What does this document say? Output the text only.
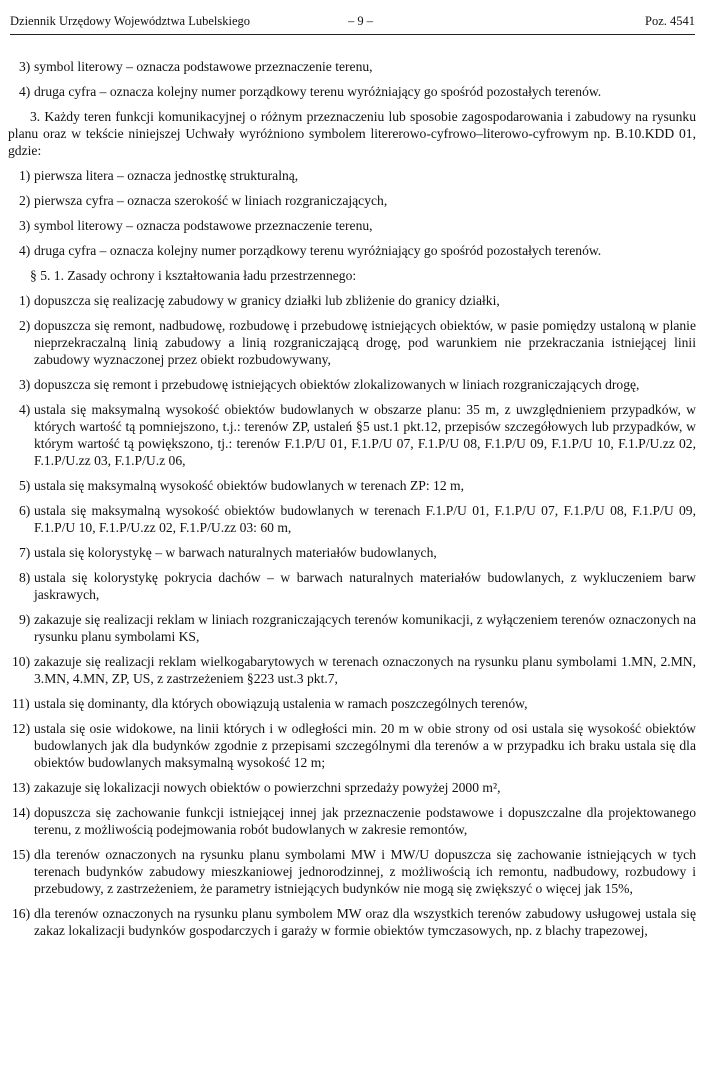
Dziennik Urzędowy Województwa Lubelskiego	– 9 –	Poz. 4541
3) symbol literowy – oznacza podstawowe przeznaczenie terenu,
4) druga cyfra – oznacza kolejny numer porządkowy terenu wyróżniający go spośród pozostałych terenów.

3. Każdy teren funkcji komunikacyjnej o różnym przeznaczeniu lub sposobie zagospodarowania i zabudowy na rysunku planu oraz w tekście niniejszej Uchwały wyróżniono symbolem litererowo-cyfrowo–literowo-cyfrowym np. B.10.KDD 01, gdzie:

1) pierwsza litera – oznacza jednostkę strukturalną,
2) pierwsza cyfra – oznacza szerokość w liniach rozgraniczających,
3) symbol literowy – oznacza podstawowe przeznaczenie terenu,
4) druga cyfra – oznacza kolejny numer porządkowy terenu wyróżniający go spośród pozostałych terenów.

§ 5. 1. Zasady ochrony i kształtowania ładu przestrzennego:

1) dopuszcza się realizację zabudowy w granicy działki lub zbliżenie do granicy działki,
2) dopuszcza się remont, nadbudowę, rozbudowę i przebudowę istniejących obiektów, w pasie pomiędzy ustaloną w planie nieprzekraczalną linią zabudowy a linią rozgraniczającą drogę, pod warunkiem nie przekraczania istniejącej linii zabudowy wyznaczonej przez obiekt rozbudowywany,
3) dopuszcza się remont i przebudowę istniejących obiektów zlokalizowanych w liniach rozgraniczających drogę,
4) ustala się maksymalną wysokość obiektów budowlanych w obszarze planu: 35 m, z uwzględnieniem przypadków, w których wartość tą pomniejszono, t.j.: terenów ZP, ustaleń §5 ust.1 pkt.12, przepisów szczegółowych lub przypadków, w którym wartość tą powiększono, tj.: terenów F.1.P/U 01, F.1.P/U 07, F.1.P/U 08, F.1.P/U 09, F.1.P/U 10, F.1.P/U.zz 02, F.1.P/U.zz 03, F.1.P/U.z 06,
5) ustala się maksymalną wysokość obiektów budowlanych w terenach ZP: 12 m,
6) ustala się maksymalną wysokość obiektów budowlanych w terenach F.1.P/U 01, F.1.P/U 07, F.1.P/U 08, F.1.P/U 09, F.1.P/U 10, F.1.P/U.zz 02, F.1.P/U.zz 03: 60 m,
7) ustala się kolorystykę – w barwach naturalnych materiałów budowlanych,
8) ustala się kolorystykę pokrycia dachów – w barwach naturalnych materiałów budowlanych, z wykluczeniem barw jaskrawych,
9) zakazuje się realizacji reklam w liniach rozgraniczających terenów komunikacji, z wyłączeniem terenów oznaczonych na rysunku planu symbolami KS,
10) zakazuje się realizacji reklam wielkogabarytowych w terenach oznaczonych na rysunku planu symbolami 1.MN, 2.MN, 3.MN, 4.MN, ZP, US, z zastrzeżeniem §223 ust.3 pkt.7,
11) ustala się dominanty, dla których obowiązują ustalenia w ramach poszczególnych terenów,
12) ustala się osie widokowe, na linii których i w odległości min. 20 m w obie strony od osi ustala się wysokość obiektów budowlanych jak dla budynków zgodnie z przepisami szczególnymi dla terenów a w przypadku ich braku ustala się dla obiektów budowlanych maksymalną wysokość 12 m;
13) zakazuje się lokalizacji nowych obiektów o powierzchni sprzedaży powyżej 2000 m²,
14) dopuszcza się zachowanie funkcji istniejącej innej jak przeznaczenie podstawowe i dopuszczalne dla projektowanego terenu, z możliwością podejmowania robót budowlanych w zakresie remontów,
15) dla terenów oznaczonych na rysunku planu symbolami MW i MW/U dopuszcza się zachowanie istniejących w tych terenach budynków zabudowy mieszkaniowej jednorodzinnej, z możliwością ich remontu, nadbudowy, rozbudowy i przebudowy, z zastrzeżeniem, że parametry istniejących budynków nie mogą się zwiększyć o więcej jak 15%,
16) dla terenów oznaczonych na rysunku planu symbolem MW oraz dla wszystkich terenów zabudowy usługowej ustala się zakaz lokalizacji budynków gospodarczych i garaży w formie obiektów tymczasowych, np. z blachy trapezowej,
